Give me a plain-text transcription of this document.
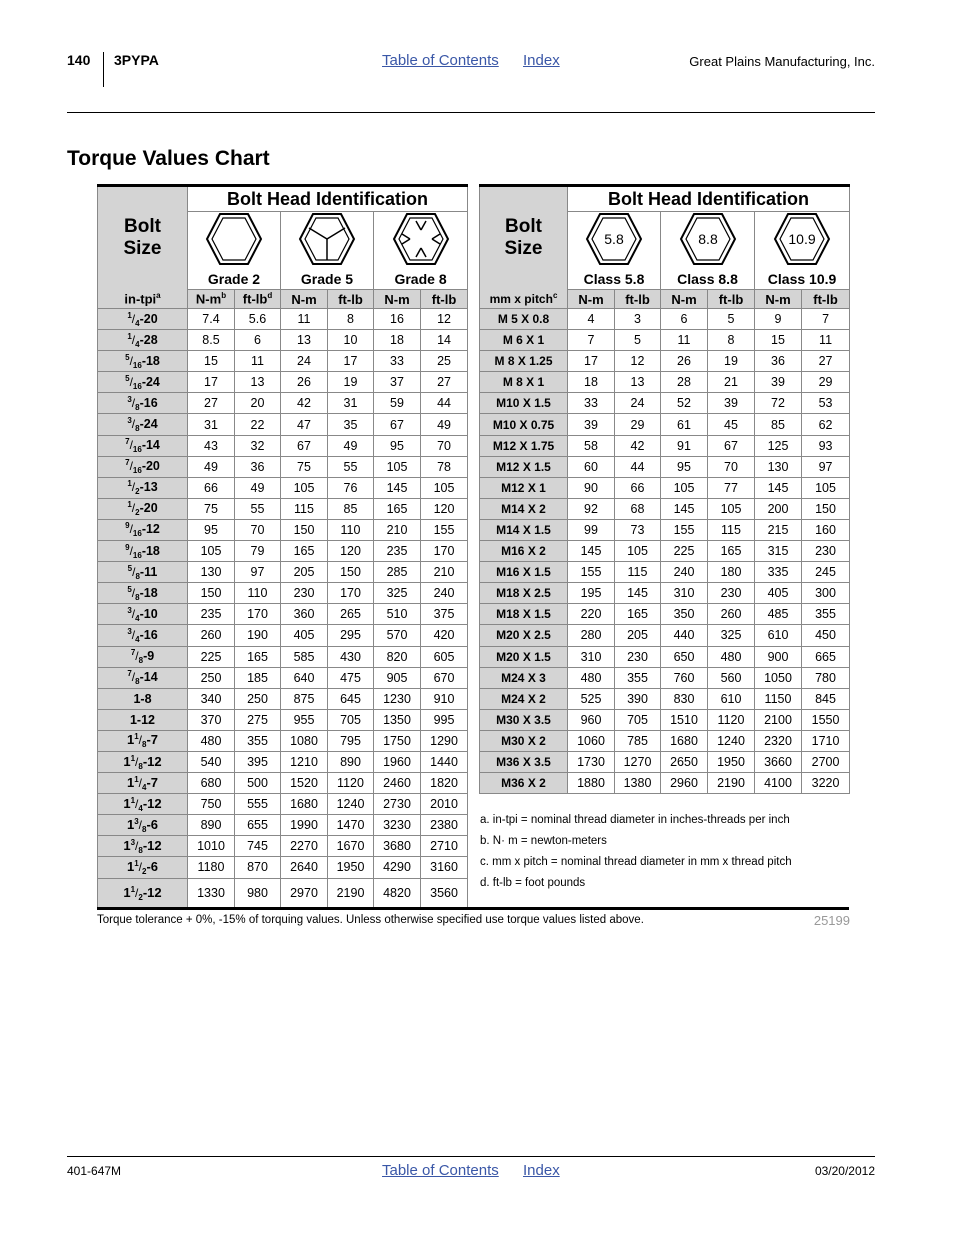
140 3PYPA	Table of Contents Index	Great Plains Manufacturing, Inc.
Torque Values Chart
Bolt
Size	Bolt Head Identification					

	Grade 2		Grade 5		Grade 8	
in-tpi$^a$	$N-m^b$	$ft-lb^d$	N-m	ft-lb	N-m	ft-lb
$^1/_4-20$	7.4	5.6	11	8	16	12
$^1/_4-28$	8.5	6	13	10	18	14
$^5/_{16}-18$	15	11	24	17	33	25
$^5/_{16}-24$	17	13	26	19	37	27
$^3/_8-16$	27	20	42	31	59	44
$^3/_8-24$	31	22	47	35	67	49
$^7/_{16}-14$	43	32	67	49	95	70
$^7/_{16}-20$	49	36	75	55	105	78
$^1/_2-13$	66	49	105	76	145	105
$^1/_2-20$	75	55	115	85	165	120
$^9/_{16}-12$	95	70	150	110	210	155
$^9/_{16}-18$	105	79	165	120	235	170
$^5/_8-11$	130	97	205	150	285	210
$^5/_8-18$	150	110	230	170	325	240
$^3/_4-10$	235	170	360	265	510	375
$^3/_4-16$	260	190	405	295	570	420
$^7/_8-9$	225	165	585	430	820	605
$^7/_8-14$	250	185	640	475	905	670
1-8	340	250	875	645	1230	910
1-12	370	275	955	705	1350	995
$1^1/_8-7$	480	355	1080	795	1750	1290
$1^1/_8-12$	540	395	1210	890	1960	1440
$1^1/_4-7$	680	500	1520	1120	2460	1820
$1^1/_4-12$	750	555	1680	1240	2730	2010
$1^3/_8-6$	890	655	1990	1470	3230	2380
$1^3/_8-12$	1010	745	2270	1670	3680	2710
$1^1/_2-6$	1180	870	2640	1950	4290	3160
$1^1/_2-12$	1330	980	2970	2190	4820	3560
Bolt
Size	Bolt Head Identification					

5.8		8.8		10.9	

	Class 5.8		Class 8.8		Class 10.9	
mm x pitch$^c$	N-m	ft-lb	N-m	ft-lb	N-m	ft-lb
M 5 X 0.8	4	3	6	5	9	7
M 6 X 1	7	5	11	8	15	11
M 8 X 1.25	17	12	26	19	36	27
M 8 X 1	18	13	28	21	39	29
M10 X 1.5	33	24	52	39	72	53
M10 X 0.75	39	29	61	45	85	62
M12 X 1.75	58	42	91	67	125	93
M12 X 1.5	60	44	95	70	130	97
M12 X 1	90	66	105	77	145	105
M14 X 2	92	68	145	105	200	150
M14 X 1.5	99	73	155	115	215	160
M16 X 2	145	105	225	165	315	230
M16 X 1.5	155	115	240	180	335	245
M18 X 2.5	195	145	310	230	405	300
M18 X 1.5	220	165	350	260	485	355
M20 X 2.5	280	205	440	325	610	450
M20 X 1.5	310	230	650	480	900	665
M24 X 3	480	355	760	560	1050	780
M24 X 2	525	390	830	610	1150	845
M30 X 3.5	960	705	1510	1120	2100	1550
M30 X 2	1060	785	1680	1240	2320	1710
M36 X 3.5	1730	1270	2650	1950	3660	2700
M36 X 2	1880	1380	2960	2190	4100	3220
a. in-tpi = nominal thread diameter in inches-threads per inch
b. N· m = newton-meters
c. mm x pitch = nominal thread diameter in mm x thread pitch
d. ft-lb = foot pounds
Torque tolerance + 0%, -15% of torquing values. Unless otherwise specified use torque values listed above.	25199
401-647M	Table of Contents Index	03/20/2012
